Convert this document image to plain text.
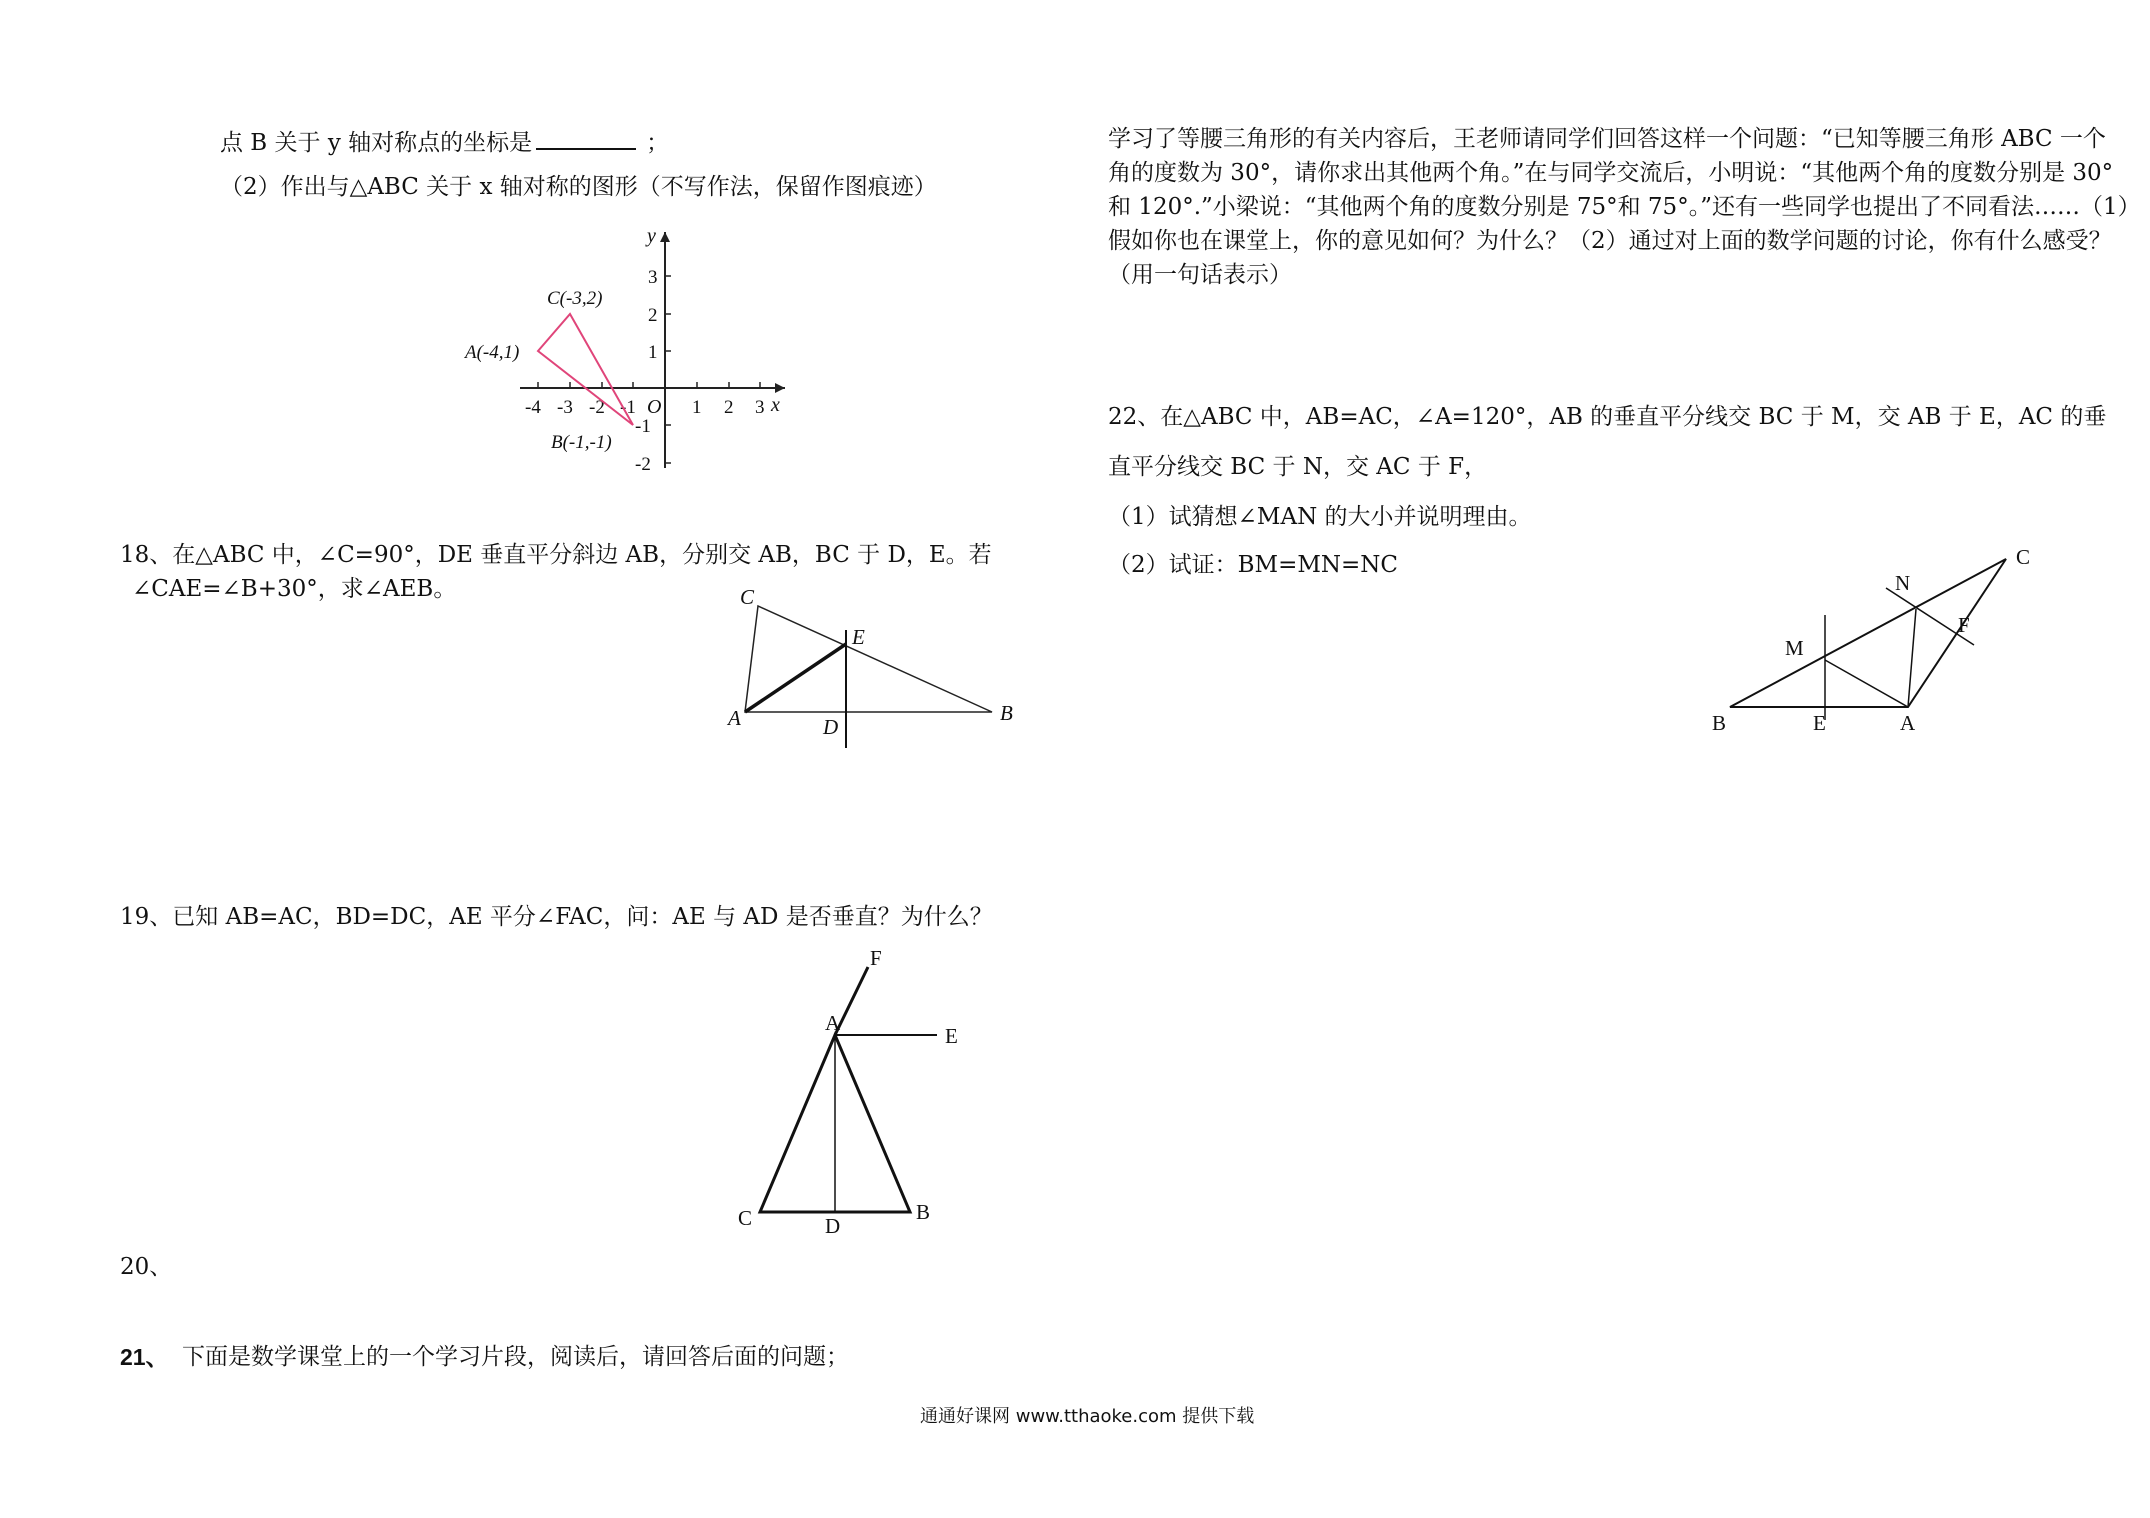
点 B 关于 y 轴对称点的坐标是	；
（2）作出与△ABC 关于 x 轴对称的图形（不写作法，保留作图痕迹）
-4 -3 -2 -1	1 2 3
3
2
1
-1
-2
O	x
y
A(-4,1)
C(-3,2)
B(-1,-1)
18、在△ABC 中，∠C=90°，DE 垂直平分斜边 AB，分别交 AB，BC 于 D，E。若
∠CAE=∠B+30°，求∠AEB。
A	B
C
E
D
19、已知 AB=AC，BD=DC，AE 平分∠FAC，问：AE 与 AD 是否垂直？为什么？
F
A
E
C	D
B
20、
21、 下面是数学课堂上的一个学习片段，阅读后，请回答后面的问题；
学习了等腰三角形的有关内容后，王老师请同学们回答这样一个问题：“已知等腰三角形 ABC 一个
角的度数为 30°，请你求出其他两个角。”在与同学交流后，小明说：“其他两个角的度数分别是 30°
和 120°.”小梁说：“其他两个角的度数分别是 75°和 75°。”还有一些同学也提出了不同看法……（1）
假如你也在课堂上，你的意见如何？为什么？（2）通过对上面的数学问题的讨论，你有什么感受？
（用一句话表示）
22、在△ABC 中，AB=AC，∠A=120°，AB 的垂直平分线交 BC 于 M，交 AB 于 E，AC 的垂
直平分线交 BC 于 N，交 AC 于 F，
（1）试猜想∠MAN 的大小并说明理由。
（2）试证：BM=MN=NC
B	E	A
M
N
F
C
通通好课网 www.tthaoke.com 提供下载
